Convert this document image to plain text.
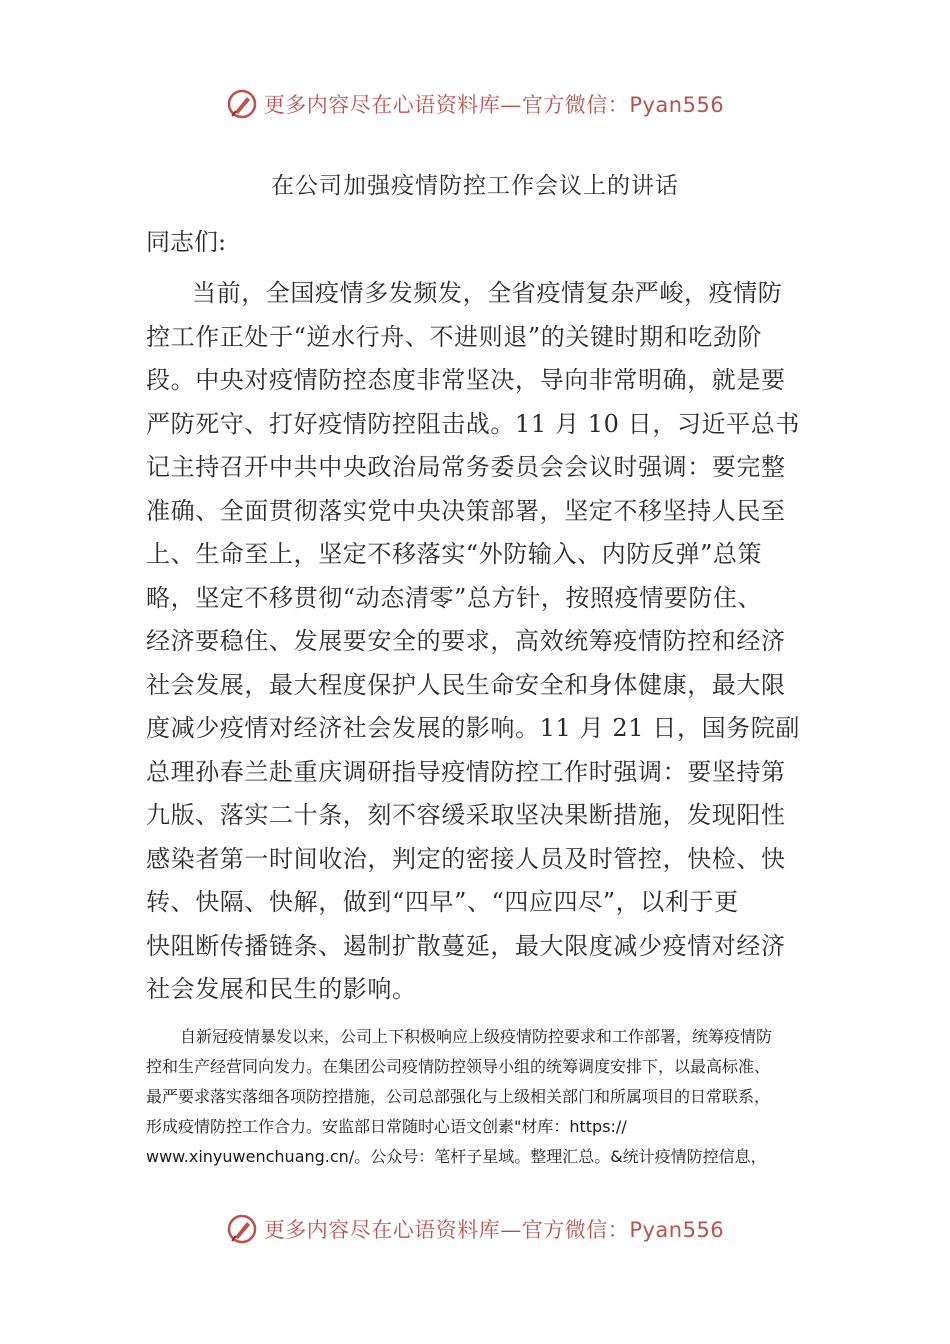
更多内容尽在心语资料库—官方微信：Pyan556
在公司加强疫情防控工作会议上的讲话
同志们:
当前，全国疫情多发频发，全省疫情复杂严峻，疫情防
控工作正处于“逆水行舟、不进则退”的关键时期和吃劲阶
段。中央对疫情防控态度非常坚决，导向非常明确，就是要
严防死守、打好疫情防控阻击战。11 月 10 日，习近平总书
记主持召开中共中央政治局常务委员会会议时强调：要完整
准确、全面贯彻落实党中央决策部署，坚定不移坚持人民至
上、生命至上，坚定不移落实“外防输入、内防反弹”总策
略，坚定不移贯彻“动态清零”总方针，按照疫情要防住、
经济要稳住、发展要安全的要求，高效统筹疫情防控和经济
社会发展，最大程度保护人民生命安全和身体健康，最大限
度减少疫情对经济社会发展的影响。11 月 21 日，国务院副
总理孙春兰赴重庆调研指导疫情防控工作时强调：要坚持第
九版、落实二十条，刻不容缓采取坚决果断措施，发现阳性
感染者第一时间收治，判定的密接人员及时管控，快检、快
转、快隔、快解，做到“四早”、“四应四尽”，以利于更
快阻断传播链条、遏制扩散蔓延，最大限度减少疫情对经济
社会发展和民生的影响。
自新冠疫情暴发以来，公司上下积极响应上级疫情防控要求和工作部署，统筹疫情防
控和生产经营同向发力。在集团公司疫情防控领导小组的统筹调度安排下，以最高标准、
最严要求落实落细各项防控措施，公司总部强化与上级相关部门和所属项目的日常联系，
形成疫情防控工作合力。安监部日常随时心语文创素"材库：https://
www.xinyuwenchuang.cn/。公众号：笔杆子星域。整理汇总。&统计疫情防控信息，
更多内容尽在心语资料库—官方微信：Pyan556
